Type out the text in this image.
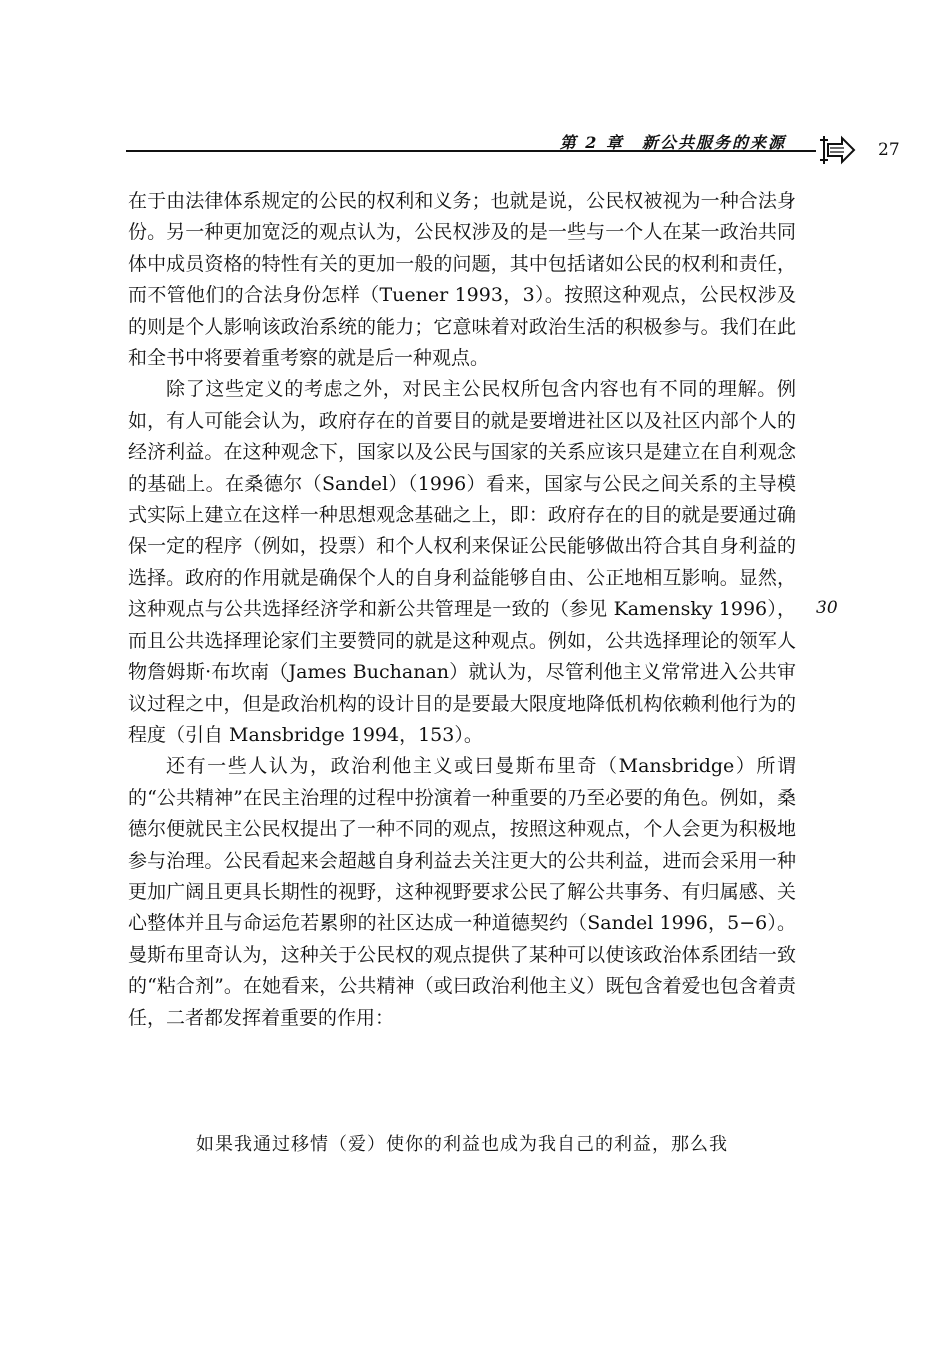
第 2 章　新公共服务的来源	27

在于由法律体系规定的公民的权利和义务；也就是说，公民权被视为一种合法身份。另一种更加宽泛的观点认为，公民权涉及的是一些与一个人在某一政治共同体中成员资格的特性有关的更加一般的问题，其中包括诸如公民的权利和责任，而不管他们的合法身份怎样（Tuener 1993，3）。按照这种观点，公民权涉及的则是个人影响该政治系统的能力；它意味着对政治生活的积极参与。我们在此和全书中将要着重考察的就是后一种观点。

除了这些定义的考虑之外，对民主公民权所包含内容也有不同的理解。例如，有人可能会认为，政府存在的首要目的就是要增进社区以及社区内部个人的经济利益。在这种观念下，国家以及公民与国家的关系应该只是建立在自利观念的基础上。在桑德尔（Sandel）（1996）看来，国家与公民之间关系的主导模式实际上建立在这样一种思想观念基础之上，即：政府存在的目的就是要通过确保一定的程序（例如，投票）和个人权利来保证公民能够做出符合其自身利益的选择。政府的作用就是确保个人的自身利益能够自由、公正地相互影响。显然，这种观点与公共选择经济学和新公共管理是一致的（参见 Kamensky 1996），而且公共选择理论家们主要赞同的就是这种观点。例如，公共选择理论的领军人物詹姆斯·布坎南（James Buchanan）就认为，尽管利他主义常常进入公共审议过程之中，但是政治机构的设计目的是要最大限度地降低机构依赖利他行为的程度（引自 Mansbridge 1994，153）。

还有一些人认为，政治利他主义或曰曼斯布里奇（Mansbridge）所谓的“公共精神”在民主治理的过程中扮演着一种重要的乃至必要的角色。例如，桑德尔便就民主公民权提出了一种不同的观点，按照这种观点，个人会更为积极地参与治理。公民看起来会超越自身利益去关注更大的公共利益，进而会采用一种更加广阔且更具长期性的视野，这种视野要求公民了解公共事务、有归属感、关心整体并且与命运危若累卵的社区达成一种道德契约（Sandel 1996，5−6）。曼斯布里奇认为，这种关于公民权的观点提供了某种可以使该政治体系团结一致的“粘合剂”。在她看来，公共精神（或曰政治利他主义）既包含着爱也包含着责任，二者都发挥着重要的作用：

30
如果我通过移情（爱）使你的利益也成为我自己的利益，那么我
